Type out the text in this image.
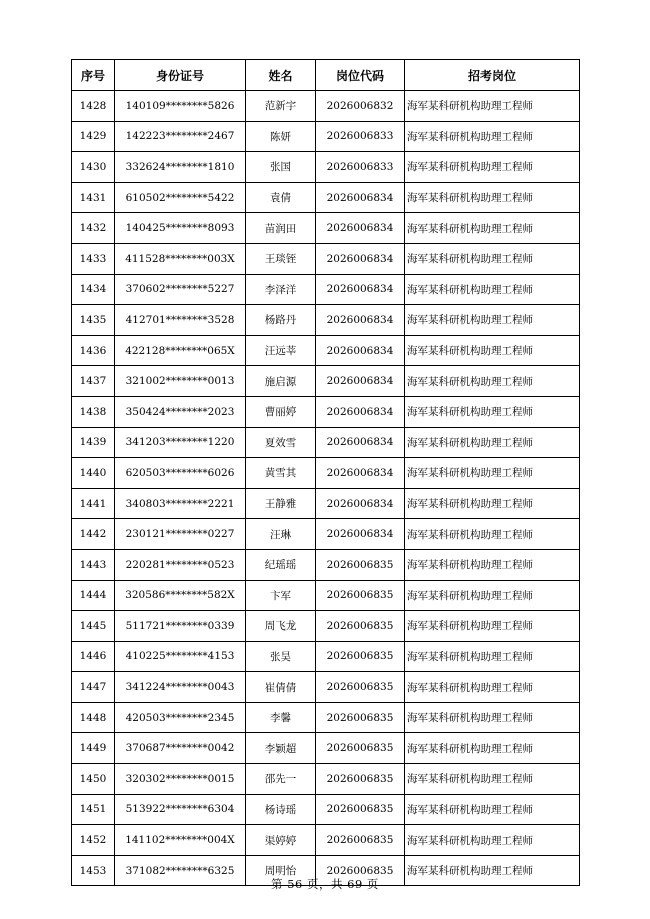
序号	身份证号	姓名	岗位代码	招考岗位
1428	140109********5826	范新宇	2026006832	海军某科研机构助理工程师
1429	142223********2467	陈妍	2026006833	海军某科研机构助理工程师
1430	332624********1810	张国	2026006833	海军某科研机构助理工程师
1431	610502********5422	袁倩	2026006834	海军某科研机构助理工程师
1432	140425********8093	苗润田	2026006834	海军某科研机构助理工程师
1433	411528********003X	王琰铚	2026006834	海军某科研机构助理工程师
1434	370602********5227	李泽洋	2026006834	海军某科研机构助理工程师
1435	412701********3528	杨路丹	2026006834	海军某科研机构助理工程师
1436	422128********065X	汪远莘	2026006834	海军某科研机构助理工程师
1437	321002********0013	施启源	2026006834	海军某科研机构助理工程师
1438	350424********2023	曹丽婷	2026006834	海军某科研机构助理工程师
1439	341203********1220	夏效雪	2026006834	海军某科研机构助理工程师
1440	620503********6026	黄雪其	2026006834	海军某科研机构助理工程师
1441	340803********2221	王静雅	2026006834	海军某科研机构助理工程师
1442	230121********0227	汪琳	2026006834	海军某科研机构助理工程师
1443	220281********0523	纪瑶瑶	2026006835	海军某科研机构助理工程师
1444	320586********582X	卞军	2026006835	海军某科研机构助理工程师
1445	511721********0339	周飞龙	2026006835	海军某科研机构助理工程师
1446	410225********4153	张昊	2026006835	海军某科研机构助理工程师
1447	341224********0043	崔倩倩	2026006835	海军某科研机构助理工程师
1448	420503********2345	李馨	2026006835	海军某科研机构助理工程师
1449	370687********0042	李颖超	2026006835	海军某科研机构助理工程师
1450	320302********0015	邵先一	2026006835	海军某科研机构助理工程师
1451	513922********6304	杨诗瑶	2026006835	海军某科研机构助理工程师
1452	141102********004X	渠婷婷	2026006835	海军某科研机构助理工程师
1453	371082********6325	周明怡	2026006835	海军某科研机构助理工程师
第 56 页，共 69 页
